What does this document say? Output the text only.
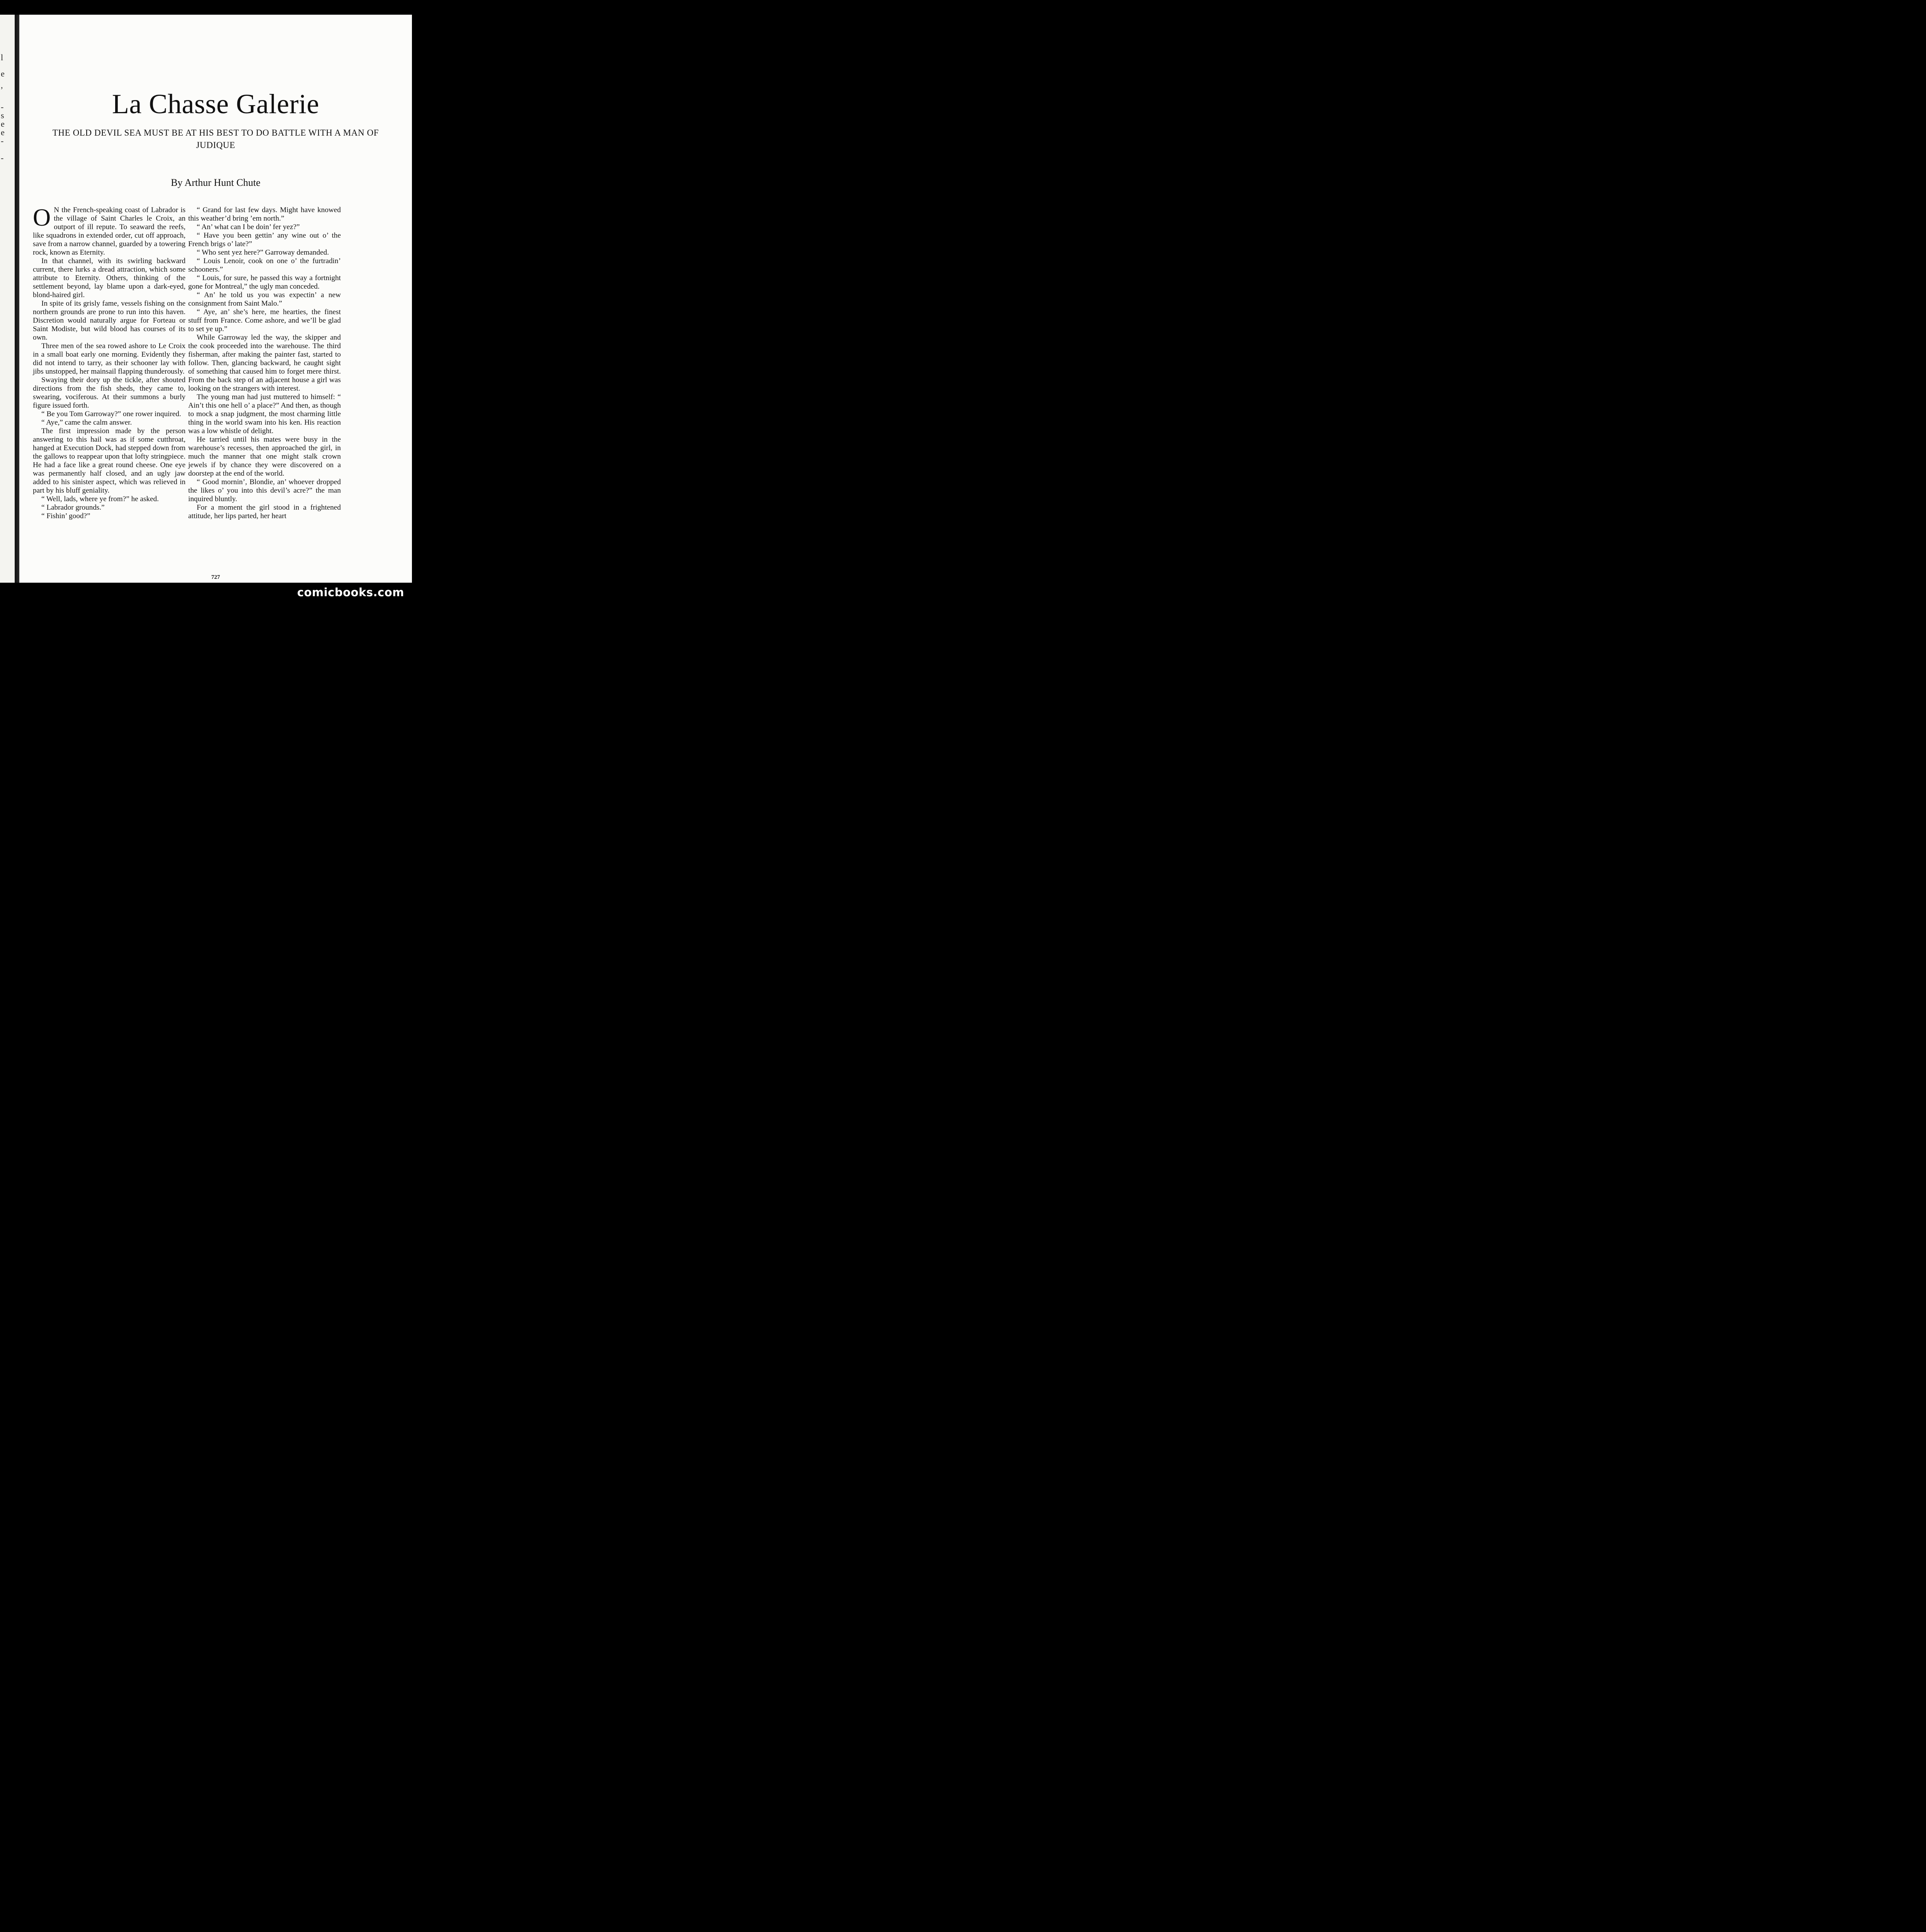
l
e
,
-
s
e
e
-
-
La Chasse Galerie
THE OLD DEVIL SEA MUST BE AT HIS BEST TO DO BATTLE WITH A MAN OF JUDIQUE
By Arthur Hunt Chute

O N the French-speaking coast of Labrador is the village of Saint Charles le Croix, an outport of ill repute. To seaward the reefs, like squadrons in extended order, cut off approach, save from a narrow channel, guarded by a towering rock, known as Eternity.

In that channel, with its swirling backward current, there lurks a dread attraction, which some attribute to Eternity. Others, thinking of the settlement beyond, lay blame upon a dark-eyed, blond-haired girl.

In spite of its grisly fame, vessels fishing on the northern grounds are prone to run into this haven. Discretion would naturally argue for Forteau or Saint Modiste, but wild blood has courses of its own.

Three men of the sea rowed ashore to Le Croix in a small boat early one morning. Evidently they did not intend to tarry, as their schooner lay with jibs unstopped, her mainsail flapping thunderously.

Swaying their dory up the tickle, after shouted directions from the fish sheds, they came to, swearing, vociferous. At their summons a burly figure issued forth.

“ Be you Tom Garroway?” one rower inquired.

“ Aye,” came the calm answer.

The first impression made by the person answering to this hail was as if some cutthroat, hanged at Execution Dock, had stepped down from the gallows to reappear upon that lofty stringpiece. He had a face like a great round cheese. One eye was permanently half closed, and an ugly jaw added to his sinister aspect, which was relieved in part by his bluff geniality.

“ Well, lads, where ye from?” he asked.

“ Labrador grounds.”

“ Fishin’ good?”

“ Grand for last few days. Might have knowed this weather’d bring ’em north.”

“ An’ what can I be doin’ fer yez?”

“ Have you been gettin’ any wine out o’ the French brigs o’ late?”

“ Who sent yez here?” Garroway demanded.

“ Louis Lenoir, cook on one o’ the furtradin’ schooners.”

“ Louis, for sure, he passed this way a fortnight gone for Montreal,” the ugly man conceded.

“ An’ he told us you was expectin’ a new consignment from Saint Malo.”

“ Aye, an’ she’s here, me hearties, the finest stuff from France. Come ashore, and we’ll be glad to set ye up.”

While Garroway led the way, the skipper and the cook proceeded into the warehouse. The third fisherman, after making the painter fast, started to follow. Then, glancing backward, he caught sight of something that caused him to forget mere thirst. From the back step of an adjacent house a girl was looking on the strangers with interest.

The young man had just muttered to himself: “ Ain’t this one hell o’ a place?” And then, as though to mock a snap judgment, the most charming little thing in the world swam into his ken. His reaction was a low whistle of delight.

He tarried until his mates were busy in the warehouse’s recesses, then approached the girl, in much the manner that one might stalk crown jewels if by chance they were discovered on a doorstep at the end of the world.

“ Good mornin’, Blondie, an’ whoever dropped the likes o’ you into this devil’s acre?” the man inquired bluntly.

For a moment the girl stood in a frightened attitude, her lips parted, her heart

727
comicbooks.com
